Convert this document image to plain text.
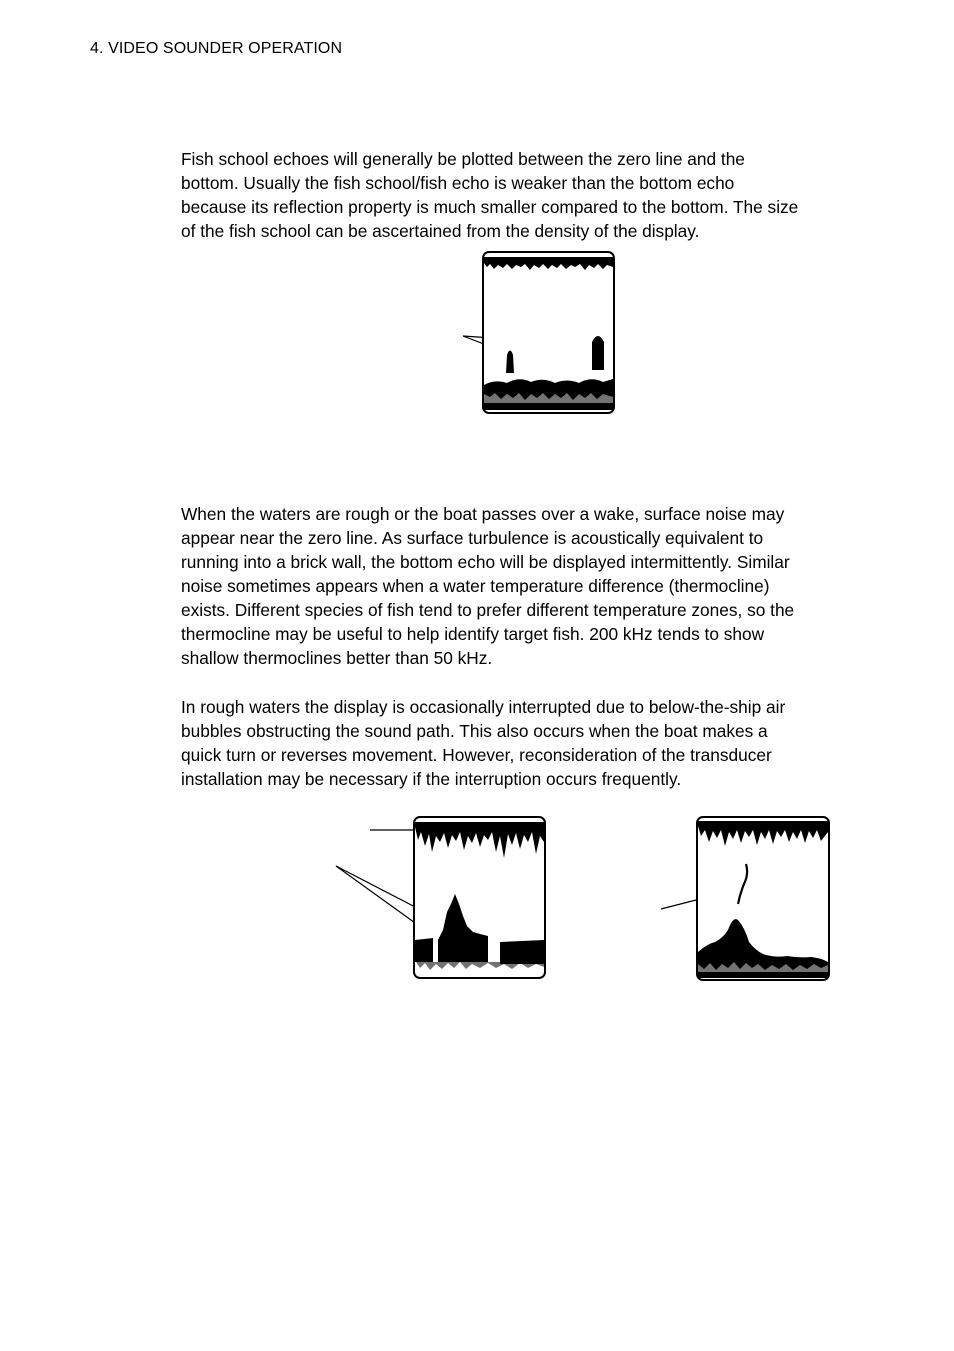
4. VIDEO SOUNDER OPERATION

Fish school echoes will generally be plotted between the zero line and the
bottom. Usually the fish school/fish echo is weaker than the bottom echo
because its reflection property is much smaller compared to the bottom. The size
of the fish school can be ascertained from the density of the display.

When the waters are rough or the boat passes over a wake, surface noise may
appear near the zero line. As surface turbulence is acoustically equivalent to
running into a brick wall, the bottom echo will be displayed intermittently. Similar
noise sometimes appears when a water temperature difference (thermocline)
exists. Different species of fish tend to prefer different temperature zones, so the
thermocline may be useful to help identify target fish. 200 kHz tends to show
shallow thermoclines better than 50 kHz.

In rough waters the display is occasionally interrupted due to below-the-ship air
bubbles obstructing the sound path. This also occurs when the boat makes a
quick turn or reverses movement. However, reconsideration of the transducer
installation may be necessary if the interruption occurs frequently.
